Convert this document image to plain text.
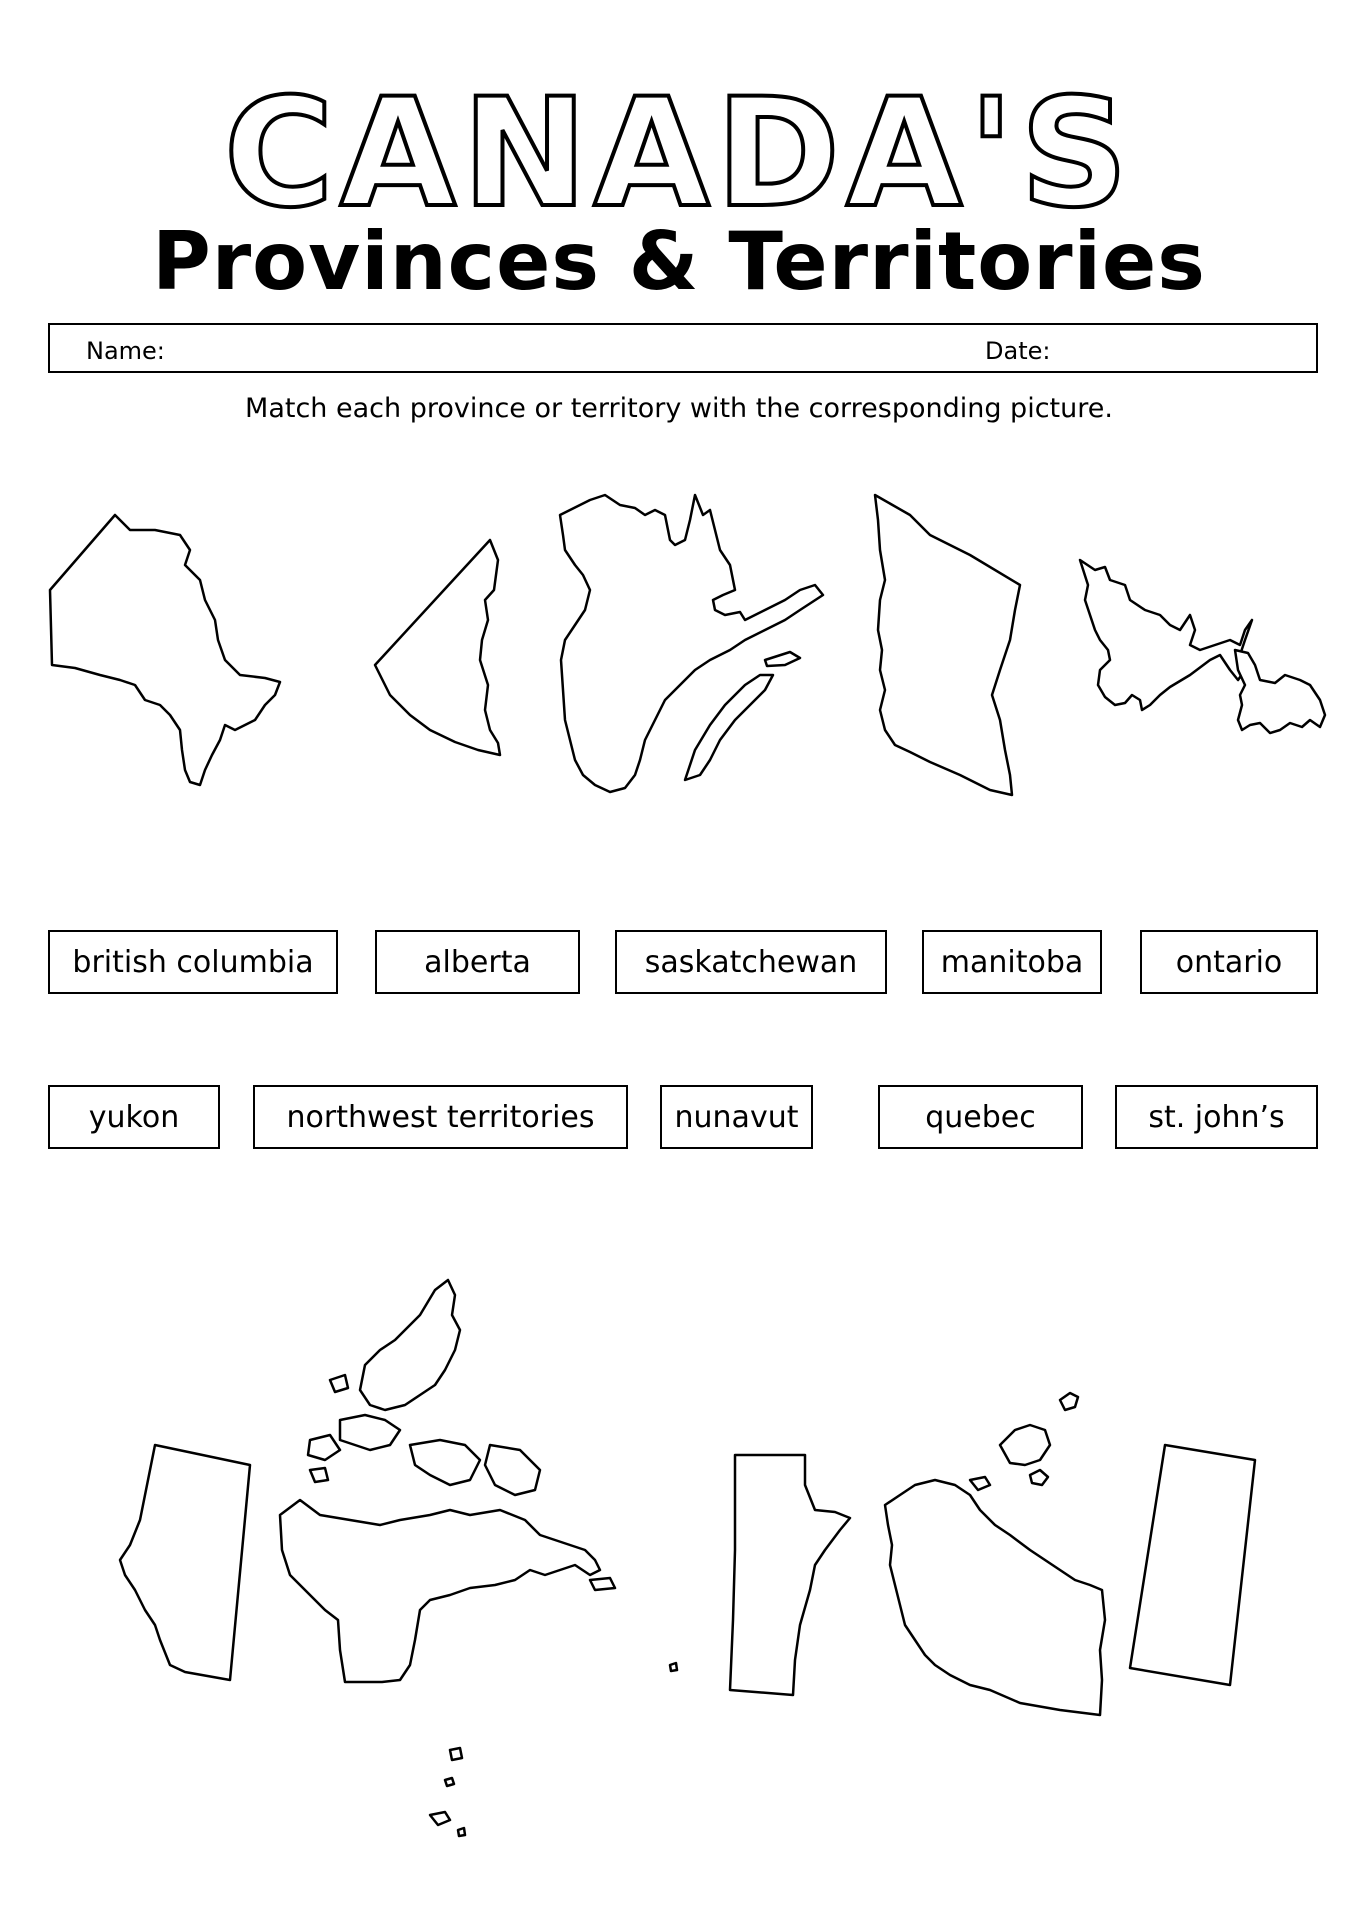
CANADA'S
Provinces & Territories
Name:	Date:
Match each province or territory with the corresponding picture.
british columbia	alberta	saskatchewan	manitoba	ontario
yukon	northwest territories	nunavut	quebec	st. john’s
